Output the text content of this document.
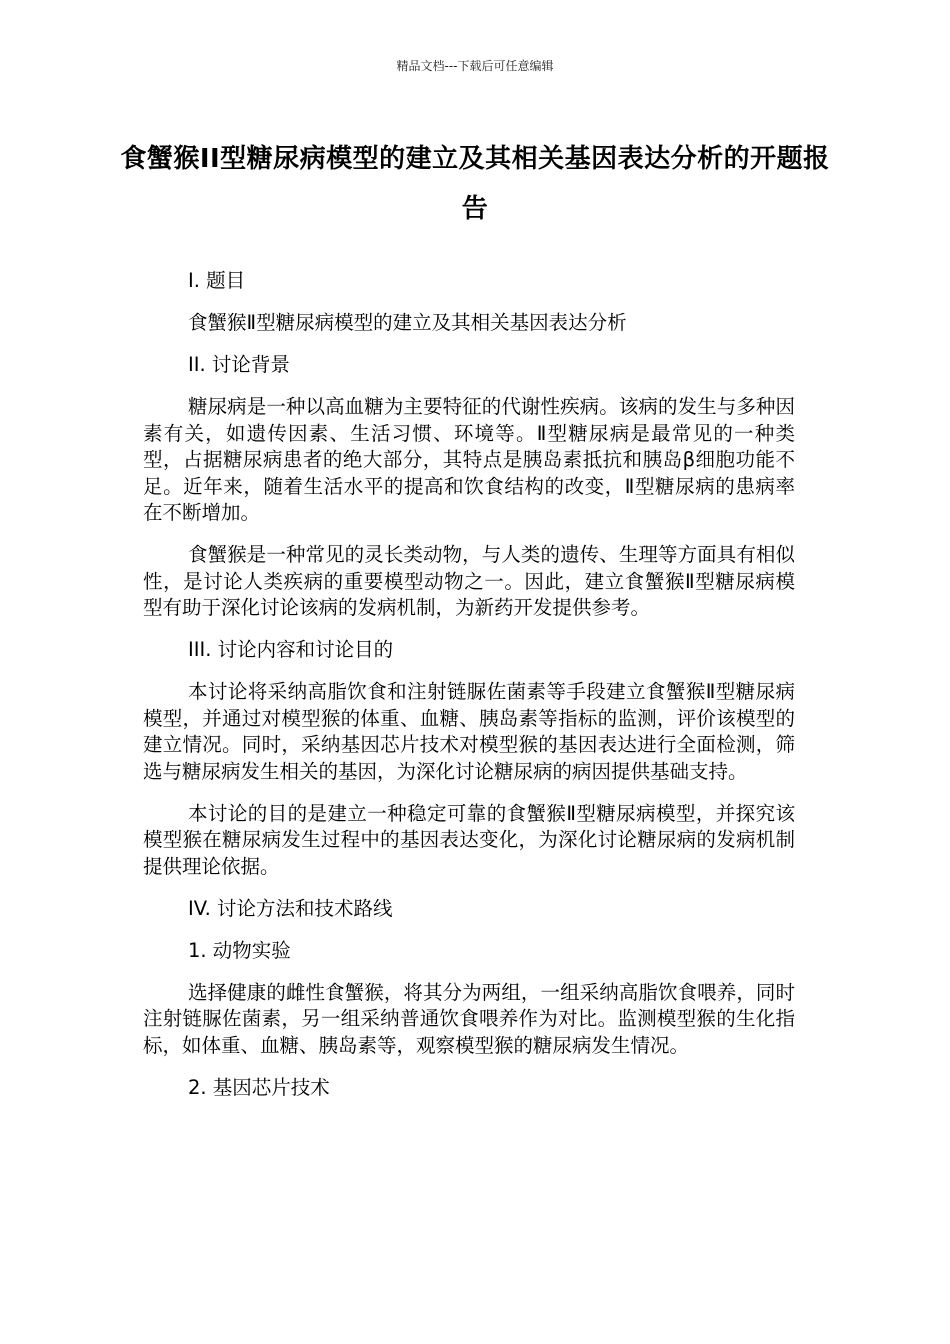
精品文档---下载后可任意编辑
食蟹猴II型糖尿病模型的建立及其相关基因表达分析的开题报告
I. 题目
食蟹猴Ⅱ型糖尿病模型的建立及其相关基因表达分析
II. 讨论背景
糖尿病是一种以高血糖为主要特征的代谢性疾病。该病的发生与多种因素有关，如遗传因素、生活习惯、环境等。Ⅱ型糖尿病是最常见的一种类型，占据糖尿病患者的绝大部分，其特点是胰岛素抵抗和胰岛β细胞功能不足。近年来，随着生活水平的提高和饮食结构的改变，Ⅱ型糖尿病的患病率在不断增加。
食蟹猴是一种常见的灵长类动物，与人类的遗传、生理等方面具有相似性，是讨论人类疾病的重要模型动物之一。因此，建立食蟹猴Ⅱ型糖尿病模型有助于深化讨论该病的发病机制，为新药开发提供参考。
III. 讨论内容和讨论目的
本讨论将采纳高脂饮食和注射链脲佐菌素等手段建立食蟹猴Ⅱ型糖尿病模型，并通过对模型猴的体重、血糖、胰岛素等指标的监测，评价该模型的建立情况。同时，采纳基因芯片技术对模型猴的基因表达进行全面检测，筛选与糖尿病发生相关的基因，为深化讨论糖尿病的病因提供基础支持。
本讨论的目的是建立一种稳定可靠的食蟹猴Ⅱ型糖尿病模型，并探究该模型猴在糖尿病发生过程中的基因表达变化，为深化讨论糖尿病的发病机制提供理论依据。
IV. 讨论方法和技术路线
1. 动物实验
选择健康的雌性食蟹猴，将其分为两组，一组采纳高脂饮食喂养，同时注射链脲佐菌素，另一组采纳普通饮食喂养作为对比。监测模型猴的生化指标，如体重、血糖、胰岛素等，观察模型猴的糖尿病发生情况。
2. 基因芯片技术
